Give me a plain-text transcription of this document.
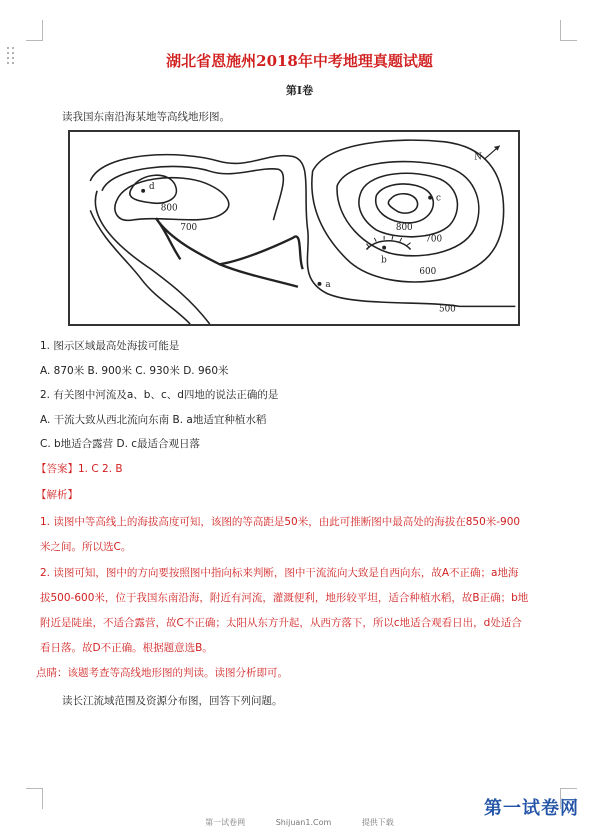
湖北省恩施州2018年中考地理真题试题
第Ⅰ卷
读我国东南沿海某地等高线地形图。
d
c
b
a
800
700	800
700
600
500
N
1. 图示区域最高处海拔可能是
A. 870米 B. 900米 C. 930米 D. 960米
2. 有关图中河流及a、b、c、d四地的说法正确的是
A. 干流大致从西北流向东南 B. a地适宜种植水稻
C. b地适合露营 D. c最适合观日落
【答案】1. C 2. B
【解析】
1. 读图中等高线上的海拔高度可知，该图的等高距是50米，由此可推断图中最高处的海拔在850米-900
米之间。所以选C。
2. 读图可知，图中的方向要按照图中指向标来判断，图中干流流向大致是自西向东，故A不正确；a地海
拔500-600米，位于我国东南沿海，附近有河流，灌溉便利，地形较平坦，适合种植水稻，故B正确；b地
附近是陡崖，不适合露营，故C不正确；太阳从东方升起，从西方落下，所以c地适合观看日出，d处适合
看日落。故D不正确。根据题意选B。
点睛：该题考查等高线地形图的判读。读图分析即可。
读长江流域范围及资源分布图，回答下列问题。
第一试卷网	Shijuan1.Com	提供下载
第一试卷网
